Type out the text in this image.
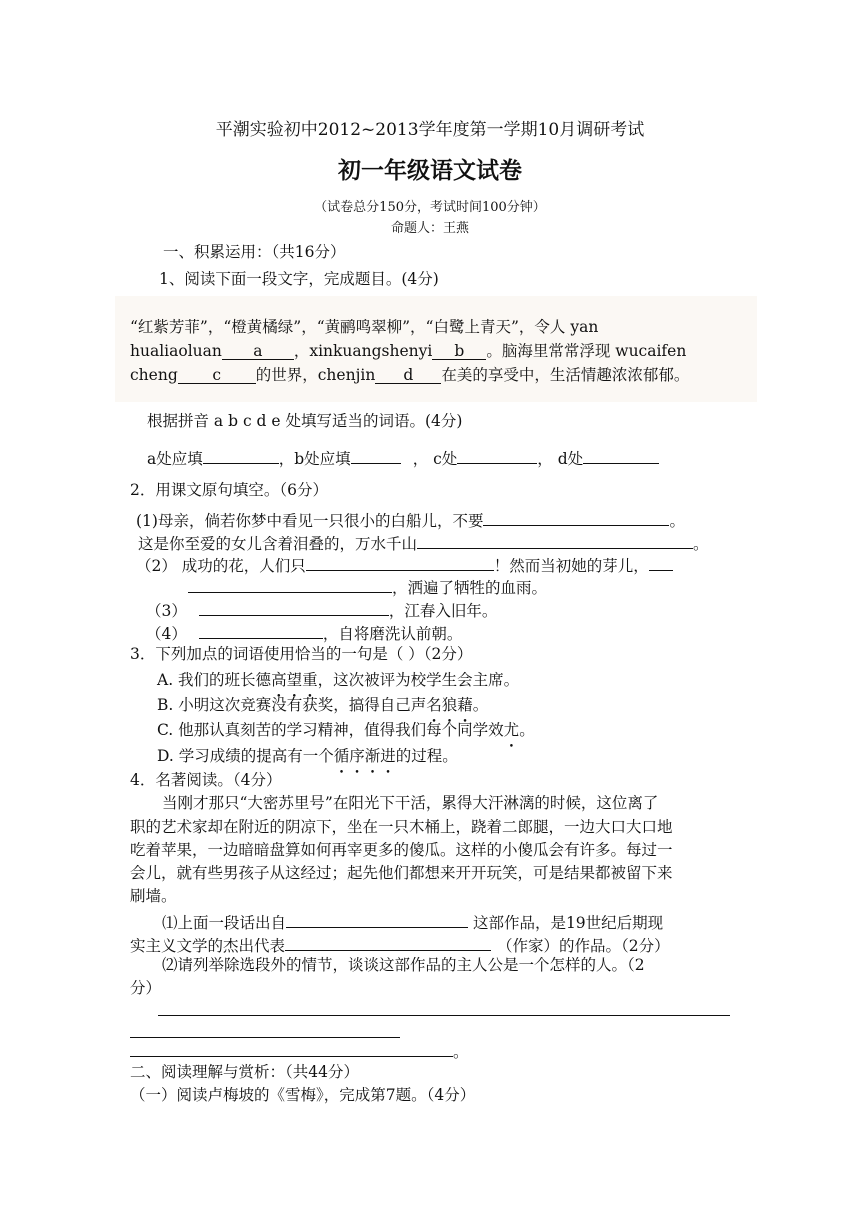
平潮实验初中2012~2013学年度第一学期10月调研考试
初一年级语文试卷
（试卷总分150分，考试时间100分钟）
命题人：王燕
一、积累运用：（共16分）
1、阅读下面一段文字，完成题目。(4分)
“红紫芳菲”，“橙黄橘绿”，“黄鹂鸣翠柳”，“白鹭上青天”，令人 yan
hualiaoluan a ，xinkuangshenyi b 。脑海里常常浮现 wucaifen
cheng c 的世界，chenjin d 在美的享受中，生活情趣浓浓郁郁。
根据拼音 a b c d e 处填写适当的词语。(4分)
a处应填	，b处应填	， c处	， d处
2．用课文原句填空。（6分）
(1)母亲，倘若你梦中看见一只很小的白船儿，不要	。
这是你至爱的女儿含着泪叠的，万水千山	。
（2） 成功的花，人们只	！然而当初她的芽儿，
，洒遍了牺牲的血雨。
（3）	，江春入旧年。
（4）	，自将磨洗认前朝。
3．下列加点的词语使用恰当的一句是（ ）（2分）
A. 我们的班长德高望重，这次被评为校学生会主席。
B. 小明这次竞赛没有获奖，搞得自己声名狼藉。
C. 他那认真刻苦的学习精神，值得我们每个同学效尤。
D. 学习成绩的提高有一个循序渐进的过程。
4．名著阅读。（4分）
当刚才那只“大密苏里号”在阳光下干活，累得大汗淋漓的时候，这位离了
职的艺术家却在附近的阴凉下，坐在一只木桶上，跷着二郎腿，一边大口大口地
吃着苹果，一边暗暗盘算如何再宰更多的傻瓜。这样的小傻瓜会有许多。每过一
会儿，就有些男孩子从这经过；起先他们都想来开开玩笑，可是结果都被留下来
刷墙。
⑴上面一段话出自	这部作品，是19世纪后期现
实主义文学的杰出代表	（作家）的作品。（2分）
⑵请列举除选段外的情节，谈谈这部作品的主人公是一个怎样的人。（2
分）
。
二、阅读理解与赏析：（共44分）
（一）阅读卢梅坡的《雪梅》，完成第7题。（4分）
